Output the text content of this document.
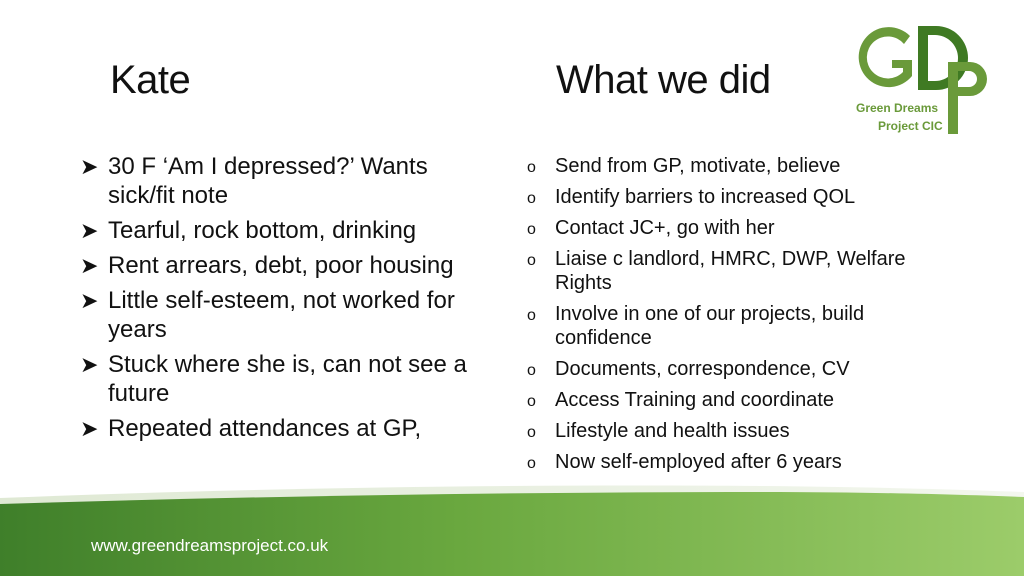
Kate	What we did
Green Dreams
Project CIC
➤ 30 F ‘Am I depressed?’ Wants sick/fit note
➤ Tearful, rock bottom, drinking
➤ Rent arrears, debt, poor housing
➤ Little self-esteem, not worked for years
➤ Stuck where she is, can not see a future
➤ Repeated attendances at GP,
o Send from GP, motivate, believe
o Identify barriers to increased QOL
o Contact JC+, go with her
o Liaise c landlord, HMRC, DWP, Welfare Rights
o Involve in one of our projects, build confidence
o Documents, correspondence, CV
o Access Training and coordinate
o Lifestyle and health issues
o Now self-employed after 6 years
www.greendreamsproject.co.uk
